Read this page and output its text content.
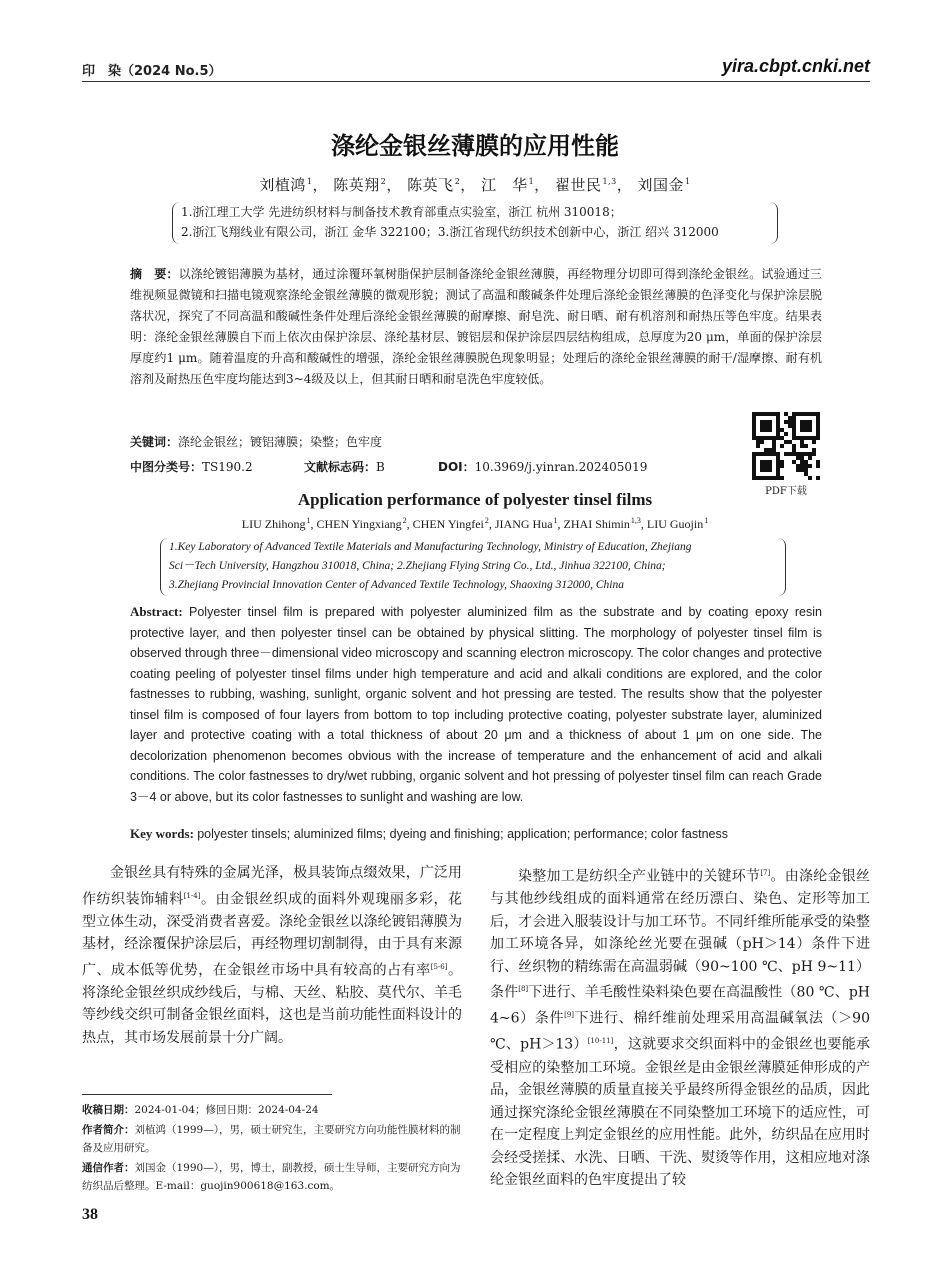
印　染（2024 No.5）	yira.cbpt.cnki.net
涤纶金银丝薄膜的应用性能
刘植鸿$^1$， 陈英翔$^2$， 陈英飞$^2$， 江　华$^1$， 翟世民$^{1,3}$， 刘国金$^1$
1.浙江理工大学 先进纺织材料与制备技术教育部重点实验室，浙江 杭州 310018；
2.浙江飞翔线业有限公司，浙江 金华 322100；3.浙江省现代纺织技术创新中心，浙江 绍兴 312000
摘　要：以涤纶镀铝薄膜为基材，通过涂覆环氧树脂保护层制备涤纶金银丝薄膜，再经物理分切即可得到涤纶金银丝。试验通过三维视频显微镜和扫描电镜观察涤纶金银丝薄膜的微观形貌；测试了高温和酸碱条件处理后涤纶金银丝薄膜的色泽变化与保护涂层脱落状况，探究了不同高温和酸碱性条件处理后涤纶金银丝薄膜的耐摩擦、耐皂洗、耐日晒、耐有机溶剂和耐热压等色牢度。结果表明：涤纶金银丝薄膜自下而上依次由保护涂层、涤纶基材层、镀铝层和保护涂层四层结构组成，总厚度为20 μm，单面的保护涂层厚度约1 μm。随着温度的升高和酸碱性的增强，涤纶金银丝薄膜脱色现象明显；处理后的涤纶金银丝薄膜的耐干/湿摩擦、耐有机溶剂及耐热压色牢度均能达到3~4级及以上，但其耐日晒和耐皂洗色牢度较低。
关键词：涤纶金银丝；镀铝薄膜；染整；色牢度
中图分类号：TS190.2	文献标志码：B	DOI：10.3969/j.yinran.202405019
PDF下载
Application performance of polyester tinsel films
LIU Zhihong$^1$, CHEN Yingxiang$^2$, CHEN Yingfei$^2$, JIANG Hua$^1$, ZHAI Shimin$^{1,3}$, LIU Guojin$^1$
1.Key Laboratory of Advanced Textile Materials and Manufacturing Technology, Ministry of Education, Zhejiang
Sci－Tech University, Hangzhou 310018, China; 2.Zhejiang Flying String Co., Ltd., Jinhua 322100, China;
3.Zhejiang Provincial Innovation Center of Advanced Textile Technology, Shaoxing 312000, China
Abstract: Polyester tinsel film is prepared with polyester aluminized film as the substrate and by coating epoxy resin protective layer, and then polyester tinsel can be obtained by physical slitting. The morphology of polyester tinsel film is observed through three－dimensional video microscopy and scanning electron microscopy. The color changes and protective coating peeling of polyester tinsel films under high temperature and acid and alkali conditions are explored, and the color fastnesses to rubbing, washing, sunlight, organic solvent and hot pressing are tested. The results show that the polyester tinsel film is composed of four layers from bottom to top including protective coating, polyester substrate layer, aluminized layer and protective coating with a total thickness of about 20 μm and a thickness of about 1 μm on one side. The decolorization phenomenon becomes obvious with the increase of temperature and the enhancement of acid and alkali conditions. The color fastnesses to dry/wet rubbing, organic solvent and hot pressing of polyester tinsel film can reach Grade 3－4 or above, but its color fastnesses to sunlight and washing are low.
Key words: polyester tinsels; aluminized films; dyeing and finishing; application; performance; color fastness

金银丝具有特殊的金属光泽，极具装饰点缀效果，广泛用作纺织装饰辅料[1-4]。由金银丝织成的面料外观瑰丽多彩，花型立体生动，深受消费者喜爱。涤纶金银丝以涤纶镀铝薄膜为基材，经涂覆保护涂层后，再经物理切割制得，由于具有来源广、成本低等优势，在金银丝市场中具有较高的占有率[5-6]。将涤纶金银丝织成纱线后，与棉、天丝、粘胶、莫代尔、羊毛等纱线交织可制备金银丝面料，这也是当前功能性面料设计的热点，其市场发展前景十分广阔。

染整加工是纺织全产业链中的关键环节[7]。由涤纶金银丝与其他纱线组成的面料通常在经历漂白、染色、定形等加工后，才会进入服装设计与加工环节。不同纤维所能承受的染整加工环境各异，如涤纶丝光要在强碱（pH＞14）条件下进行、丝织物的精练需在高温弱碱（90~100 ℃、pH 9~11）条件[8]下进行、羊毛酸性染料染色要在高温酸性（80 ℃、pH 4~6）条件[9]下进行、棉纤维前处理采用高温碱氧法（＞90 ℃、pH＞13）[10-11]，这就要求交织面料中的金银丝也要能承受相应的染整加工环境。金银丝是由金银丝薄膜延伸形成的产品，金银丝薄膜的质量直接关乎最终所得金银丝的品质，因此通过探究涤纶金银丝薄膜在不同染整加工环境下的适应性，可在一定程度上判定金银丝的应用性能。此外，纺织品在应用时会经受搓揉、水洗、日晒、干洗、熨烫等作用，这相应地对涤纶金银丝面料的色牢度提出了较

收稿日期：2024-01-04；修回日期：2024-04-24
作者简介：刘植鸿（1999—），男，硕士研究生，主要研究方向功能性膜材料的制备及应用研究。
通信作者：刘国金（1990—），男，博士，副教授，硕士生导师，主要研究方向为纺织品后整理。E-mail：guojin900618@163.com。
38
